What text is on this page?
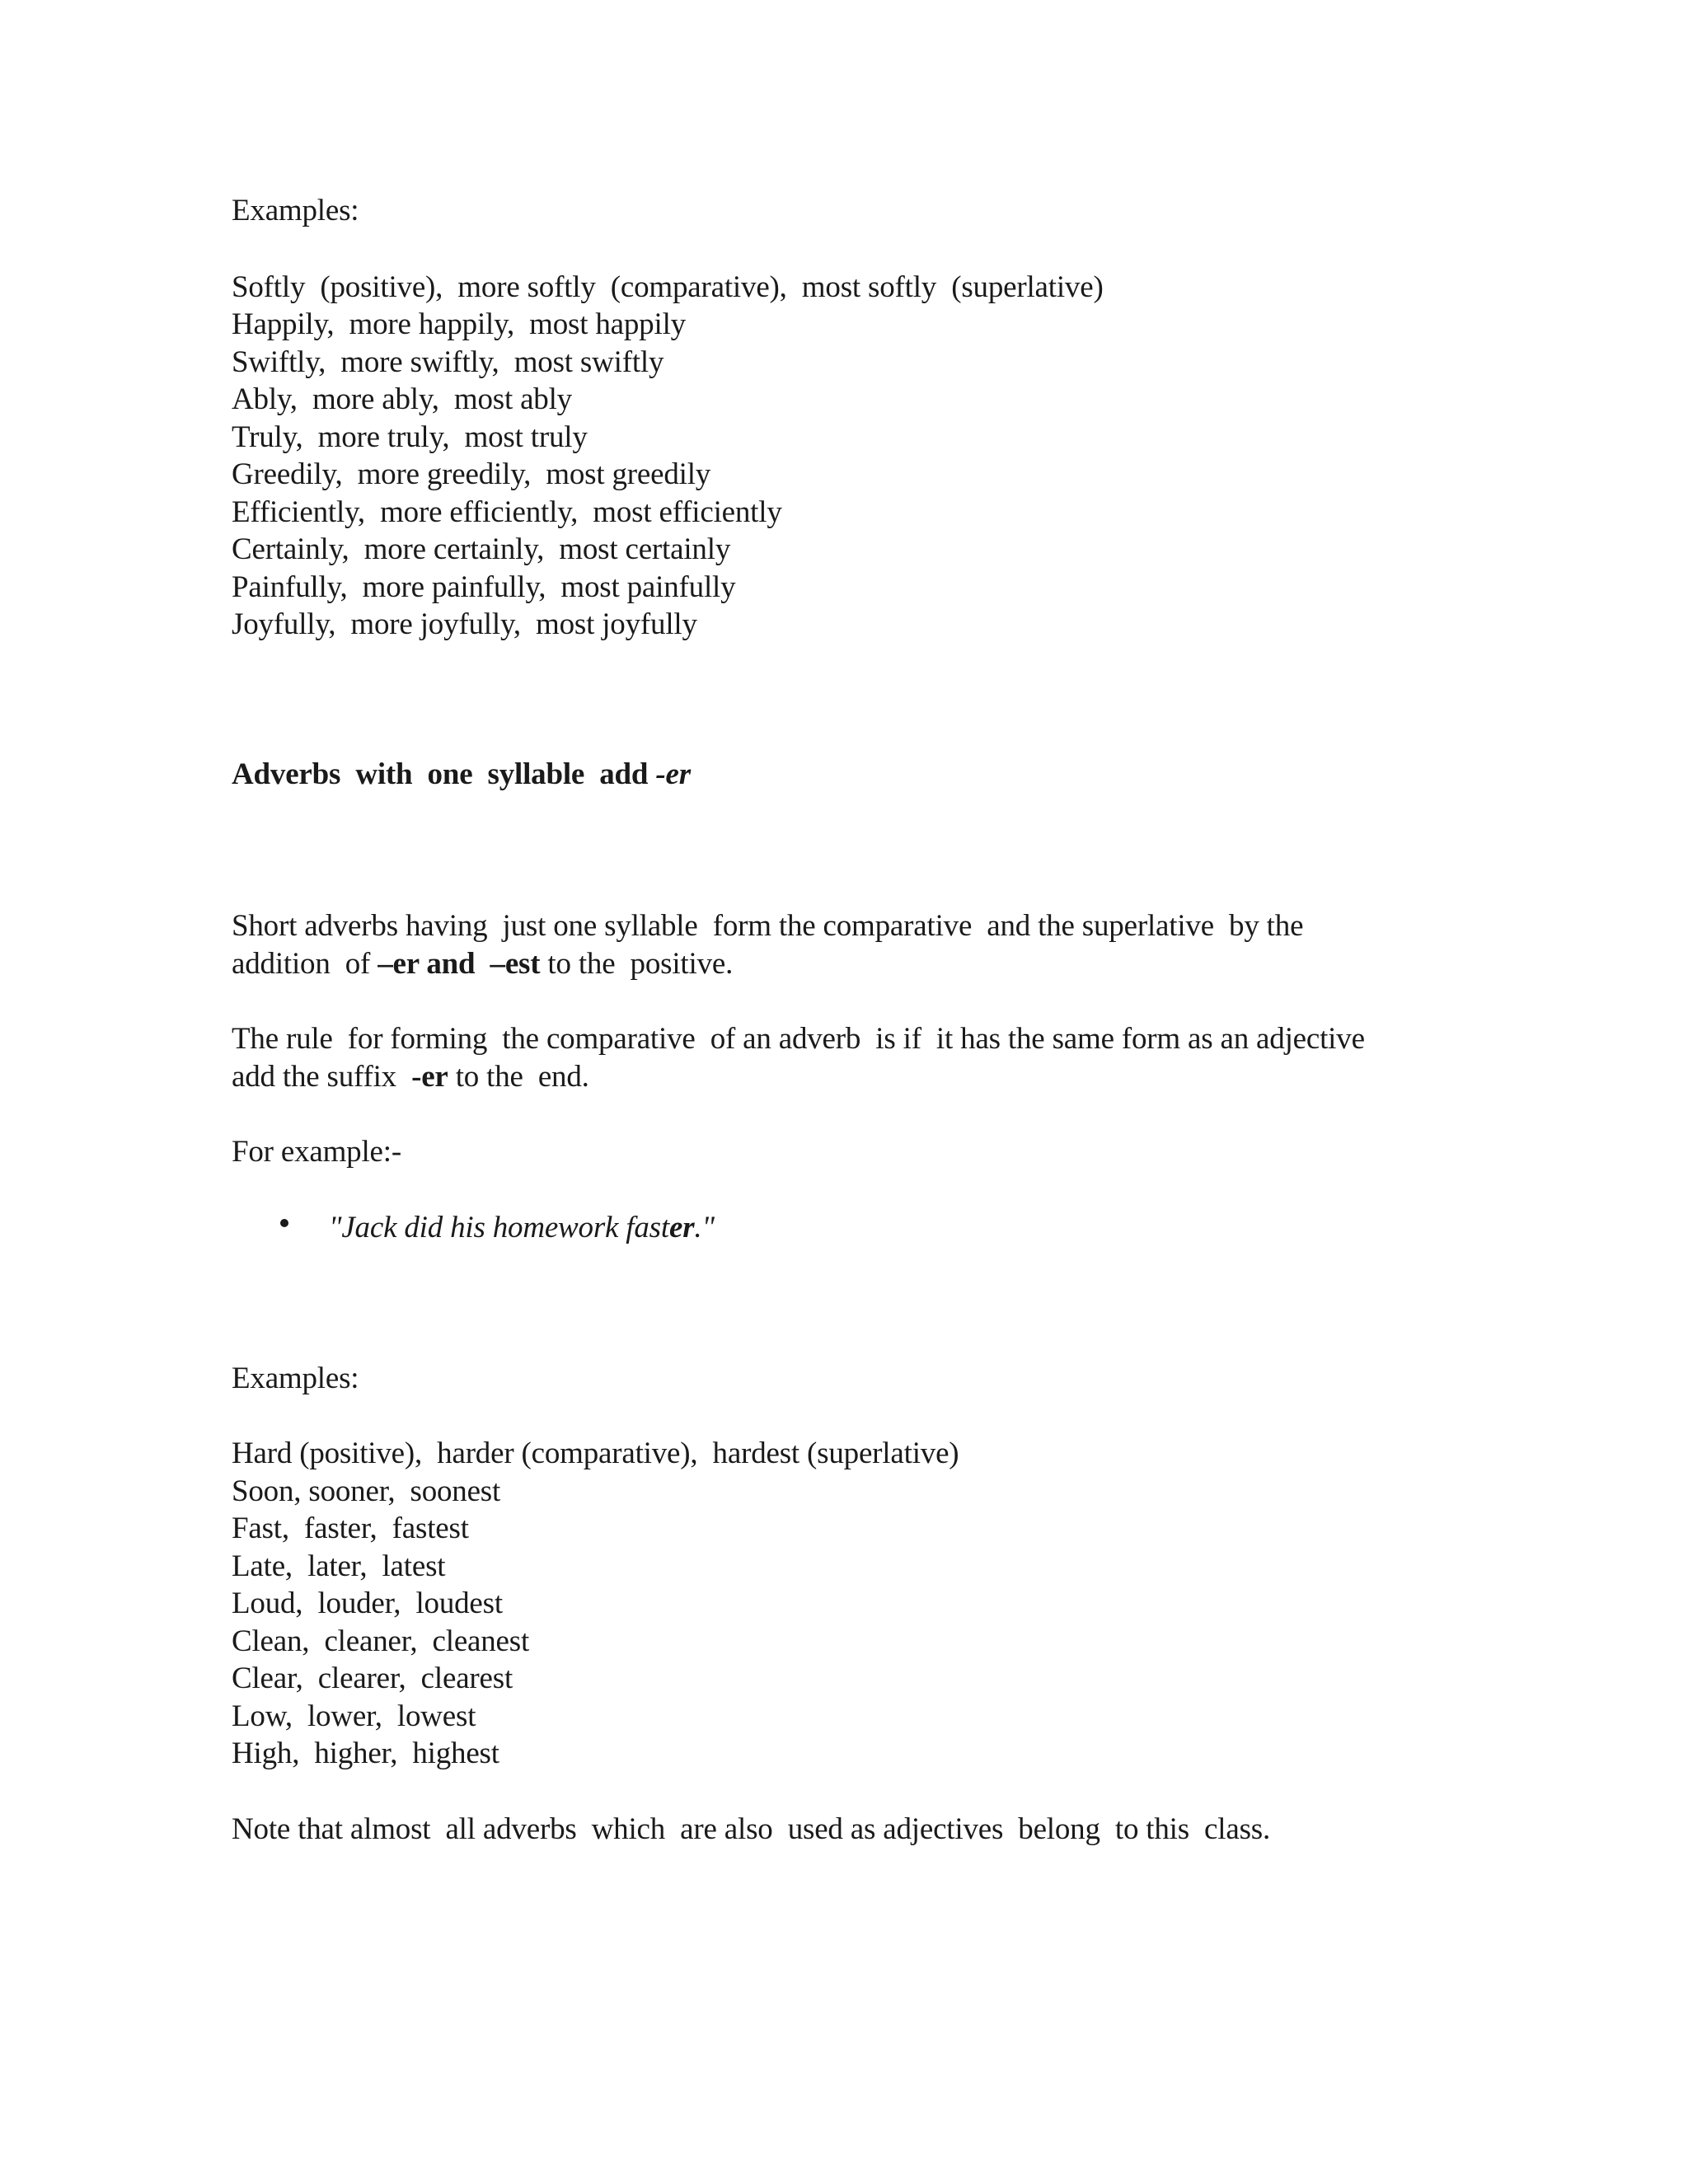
Examples:
Softly  (positive),  more softly  (comparative),  most softly  (superlative)
Happily,  more happily,  most happily
Swiftly,  more swiftly,  most swiftly
Ably,  more ably,  most ably
Truly,  more truly,  most truly
Greedily,  more greedily,  most greedily
Efficiently,  more efficiently,  most efficiently
Certainly,  more certainly,  most certainly
Painfully,  more painfully,  most painfully
Joyfully,  more joyfully,  most joyfully
Adverbs  with  one  syllable  add -er
Short adverbs having  just one syllable  form the comparative  and the superlative  by the
addition  of –er and  –est to the  positive.
The rule  for forming  the comparative  of an adverb  is if  it has the same form as an adjective
add the suffix  -er to the  end.
For example:-
"Jack did his homework faster."
Examples:
Hard (positive),  harder (comparative),  hardest (superlative)
Soon, sooner,  soonest
Fast,  faster,  fastest
Late,  later,  latest
Loud,  louder,  loudest
Clean,  cleaner,  cleanest
Clear,  clearer,  clearest
Low,  lower,  lowest
High,  higher,  highest
Note that almost  all adverbs  which  are also  used as adjectives  belong  to this  class.
